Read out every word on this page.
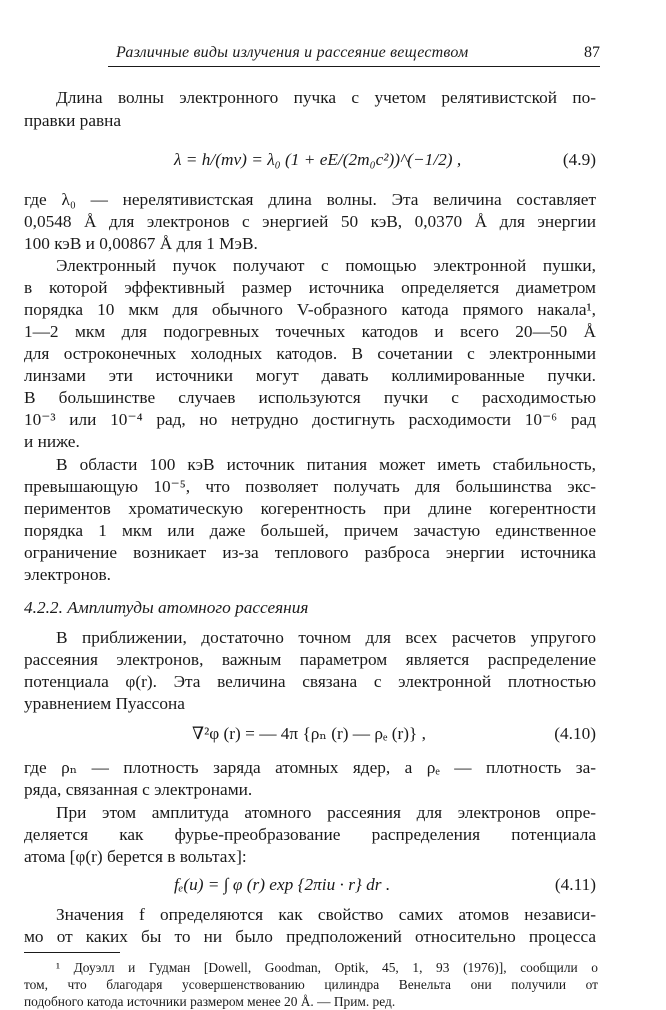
Различные виды излучения и рассеяние веществом	87
Длина волны электронного пучка с учетом релятивистской по-
правки равна
λ = h/(mv) = λ₀ (1 + eE/(2m₀c²))^(−1/2) ,	(4.9)
где λ₀ — нерелятивистская длина волны. Эта величина составляет
0,0548 Å для электронов с энергией 50 кэВ, 0,0370 Å для энергии
100 кэВ и 0,00867 Å для 1 МэВ.
Электронный пучок получают с помощью электронной пушки,
в которой эффективный размер источника определяется диаметром
порядка 10 мкм для обычного V-образного катода прямого накала¹,
1—2 мкм для подогревных точечных катодов и всего 20—50 Å
для остроконечных холодных катодов. В сочетании с электронными
линзами эти источники могут давать коллимированные пучки.
В большинстве случаев используются пучки с расходимостью
10⁻³ или 10⁻⁴ рад, но нетрудно достигнуть расходимости 10⁻⁶ рад
и ниже.
В области 100 кэВ источник питания может иметь стабильность,
превышающую 10⁻⁵, что позволяет получать для большинства экс-
периментов хроматическую когерентность при длине когерентности
порядка 1 мкм или даже большей, причем зачастую единственное
ограничение возникает из-за теплового разброса энергии источника
электронов.
4.2.2. Амплитуды атомного рассеяния
В приближении, достаточно точном для всех расчетов упругого
рассеяния электронов, важным параметром является распределение
потенциала φ(r). Эта величина связана с электронной плотностью
уравнением Пуассона
∇²φ (r) = — 4π {ρₙ (r) — ρₑ (r)} ,	(4.10)
где ρₙ — плотность заряда атомных ядер, а ρₑ — плотность за-
ряда, связанная с электронами.
При этом амплитуда атомного рассеяния для электронов опре-
деляется как фурье-преобразование распределения потенциала
атома [φ(r) берется в вольтах]:
fₑ(u) = ∫ φ (r) exp {2πiu · r} dr .	(4.11)
Значения f определяются как свойство самих атомов независи-
мо от каких бы то ни было предположений относительно процесса
¹ Доуэлл и Гудман [Dowell, Goodman, Optik, 45, 1, 93 (1976)], сообщили о
том, что благодаря усовершенствованию цилиндра Венельта они получили от
подобного катода источники размером менее 20 Å. — Прим. ред.
